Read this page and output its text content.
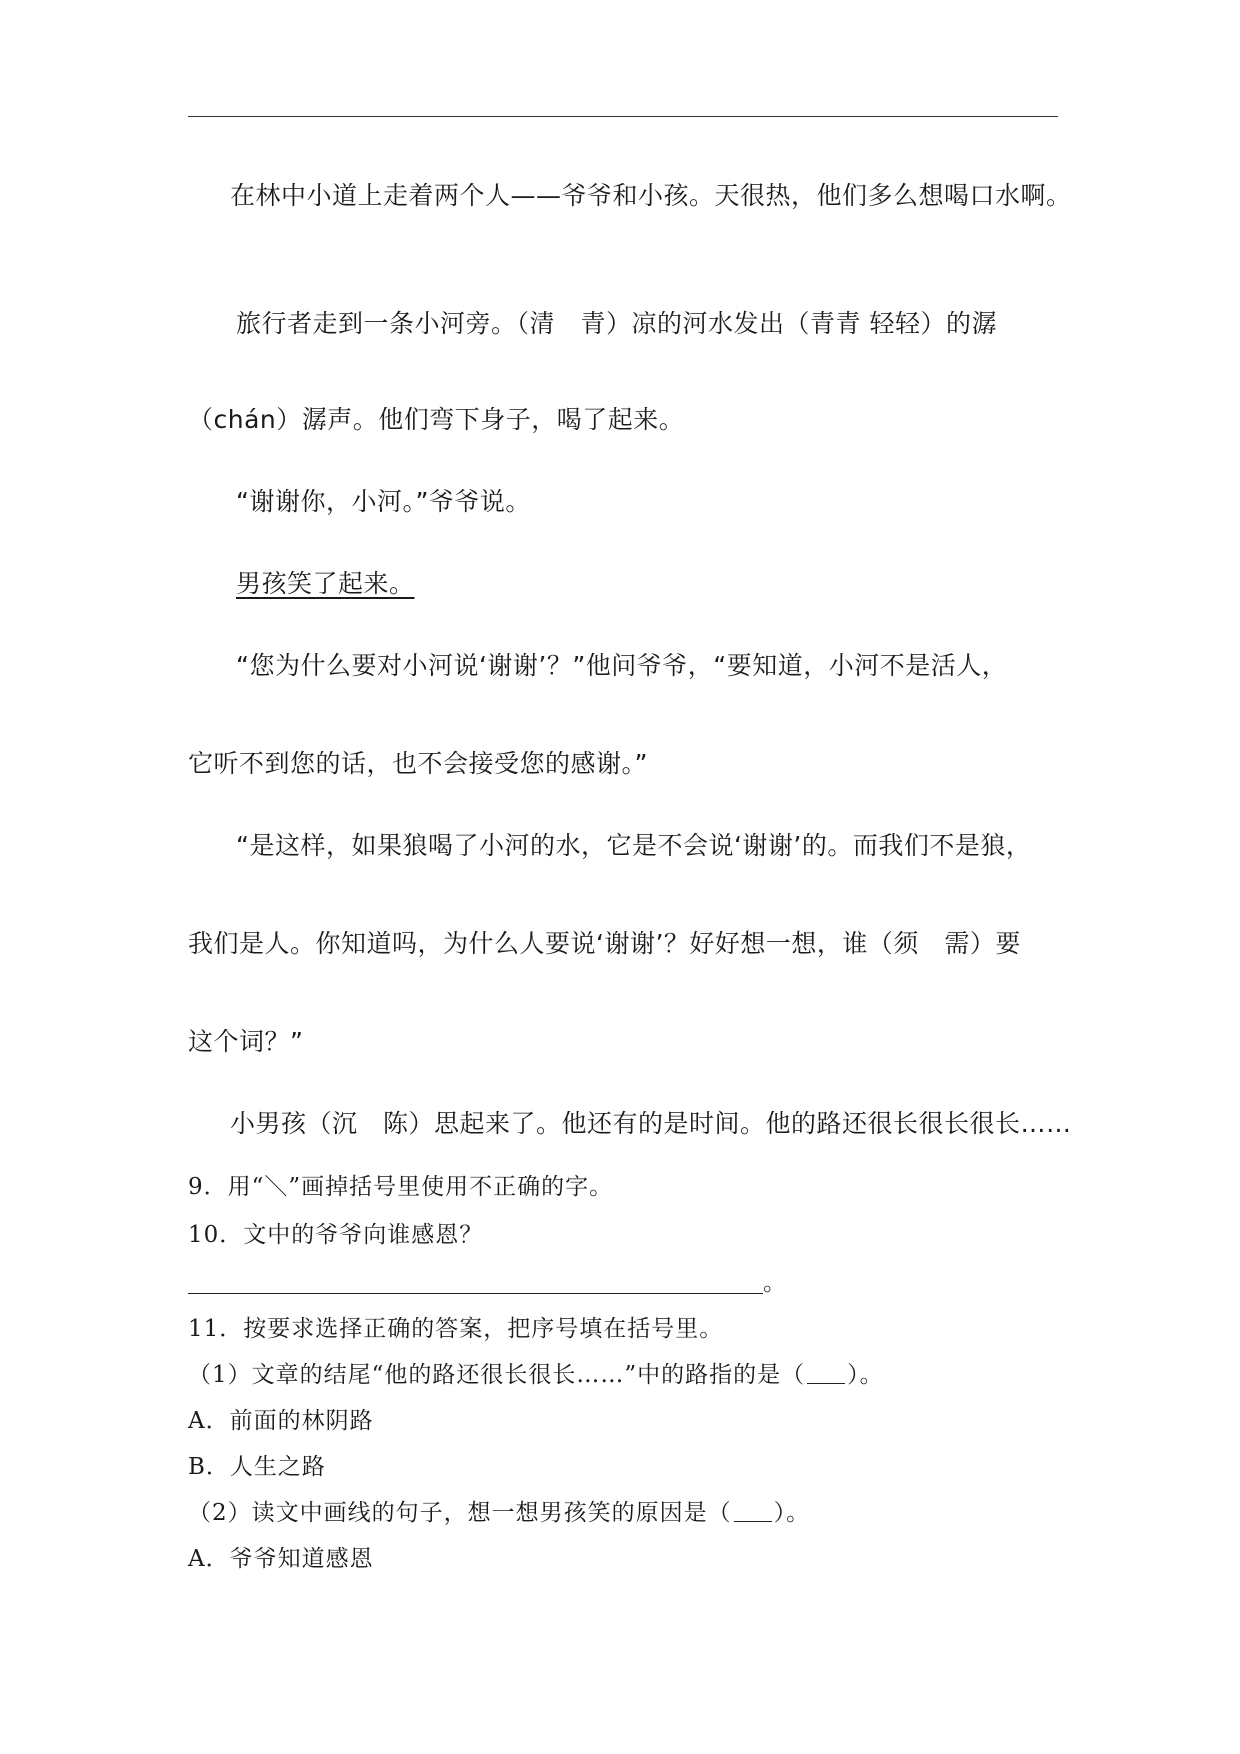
在林中小道上走着两个人——爷爷和小孩。天很热，他们多么想喝口水啊。
旅行者走到一条小河旁。（清　青）凉的河水发出（青青 轻轻）的潺
（chán）潺声。他们弯下身子，喝了起来。
“谢谢你，小河。”爷爷说。
男孩笑了起来。
“您为什么要对小河说‘谢谢’？”他问爷爷，“要知道，小河不是活人，
它听不到您的话，也不会接受您的感谢。”
“是这样，如果狼喝了小河的水，它是不会说‘谢谢’的。而我们不是狼，
我们是人。你知道吗，为什么人要说‘谢谢’？好好想一想，谁（须　需）要
这个词？”
小男孩（沉　陈）思起来了。他还有的是时间。他的路还很长很长很长……
9．用“＼”画掉括号里使用不正确的字。
10．文中的爷爷向谁感恩？
。
11．按要求选择正确的答案，把序号填在括号里。
（1）文章的结尾“他的路还很长很长……”中的路指的是（ ）。
A．前面的林阴路
B．人生之路
（2）读文中画线的句子，想一想男孩笑的原因是（ ）。
A．爷爷知道感恩
